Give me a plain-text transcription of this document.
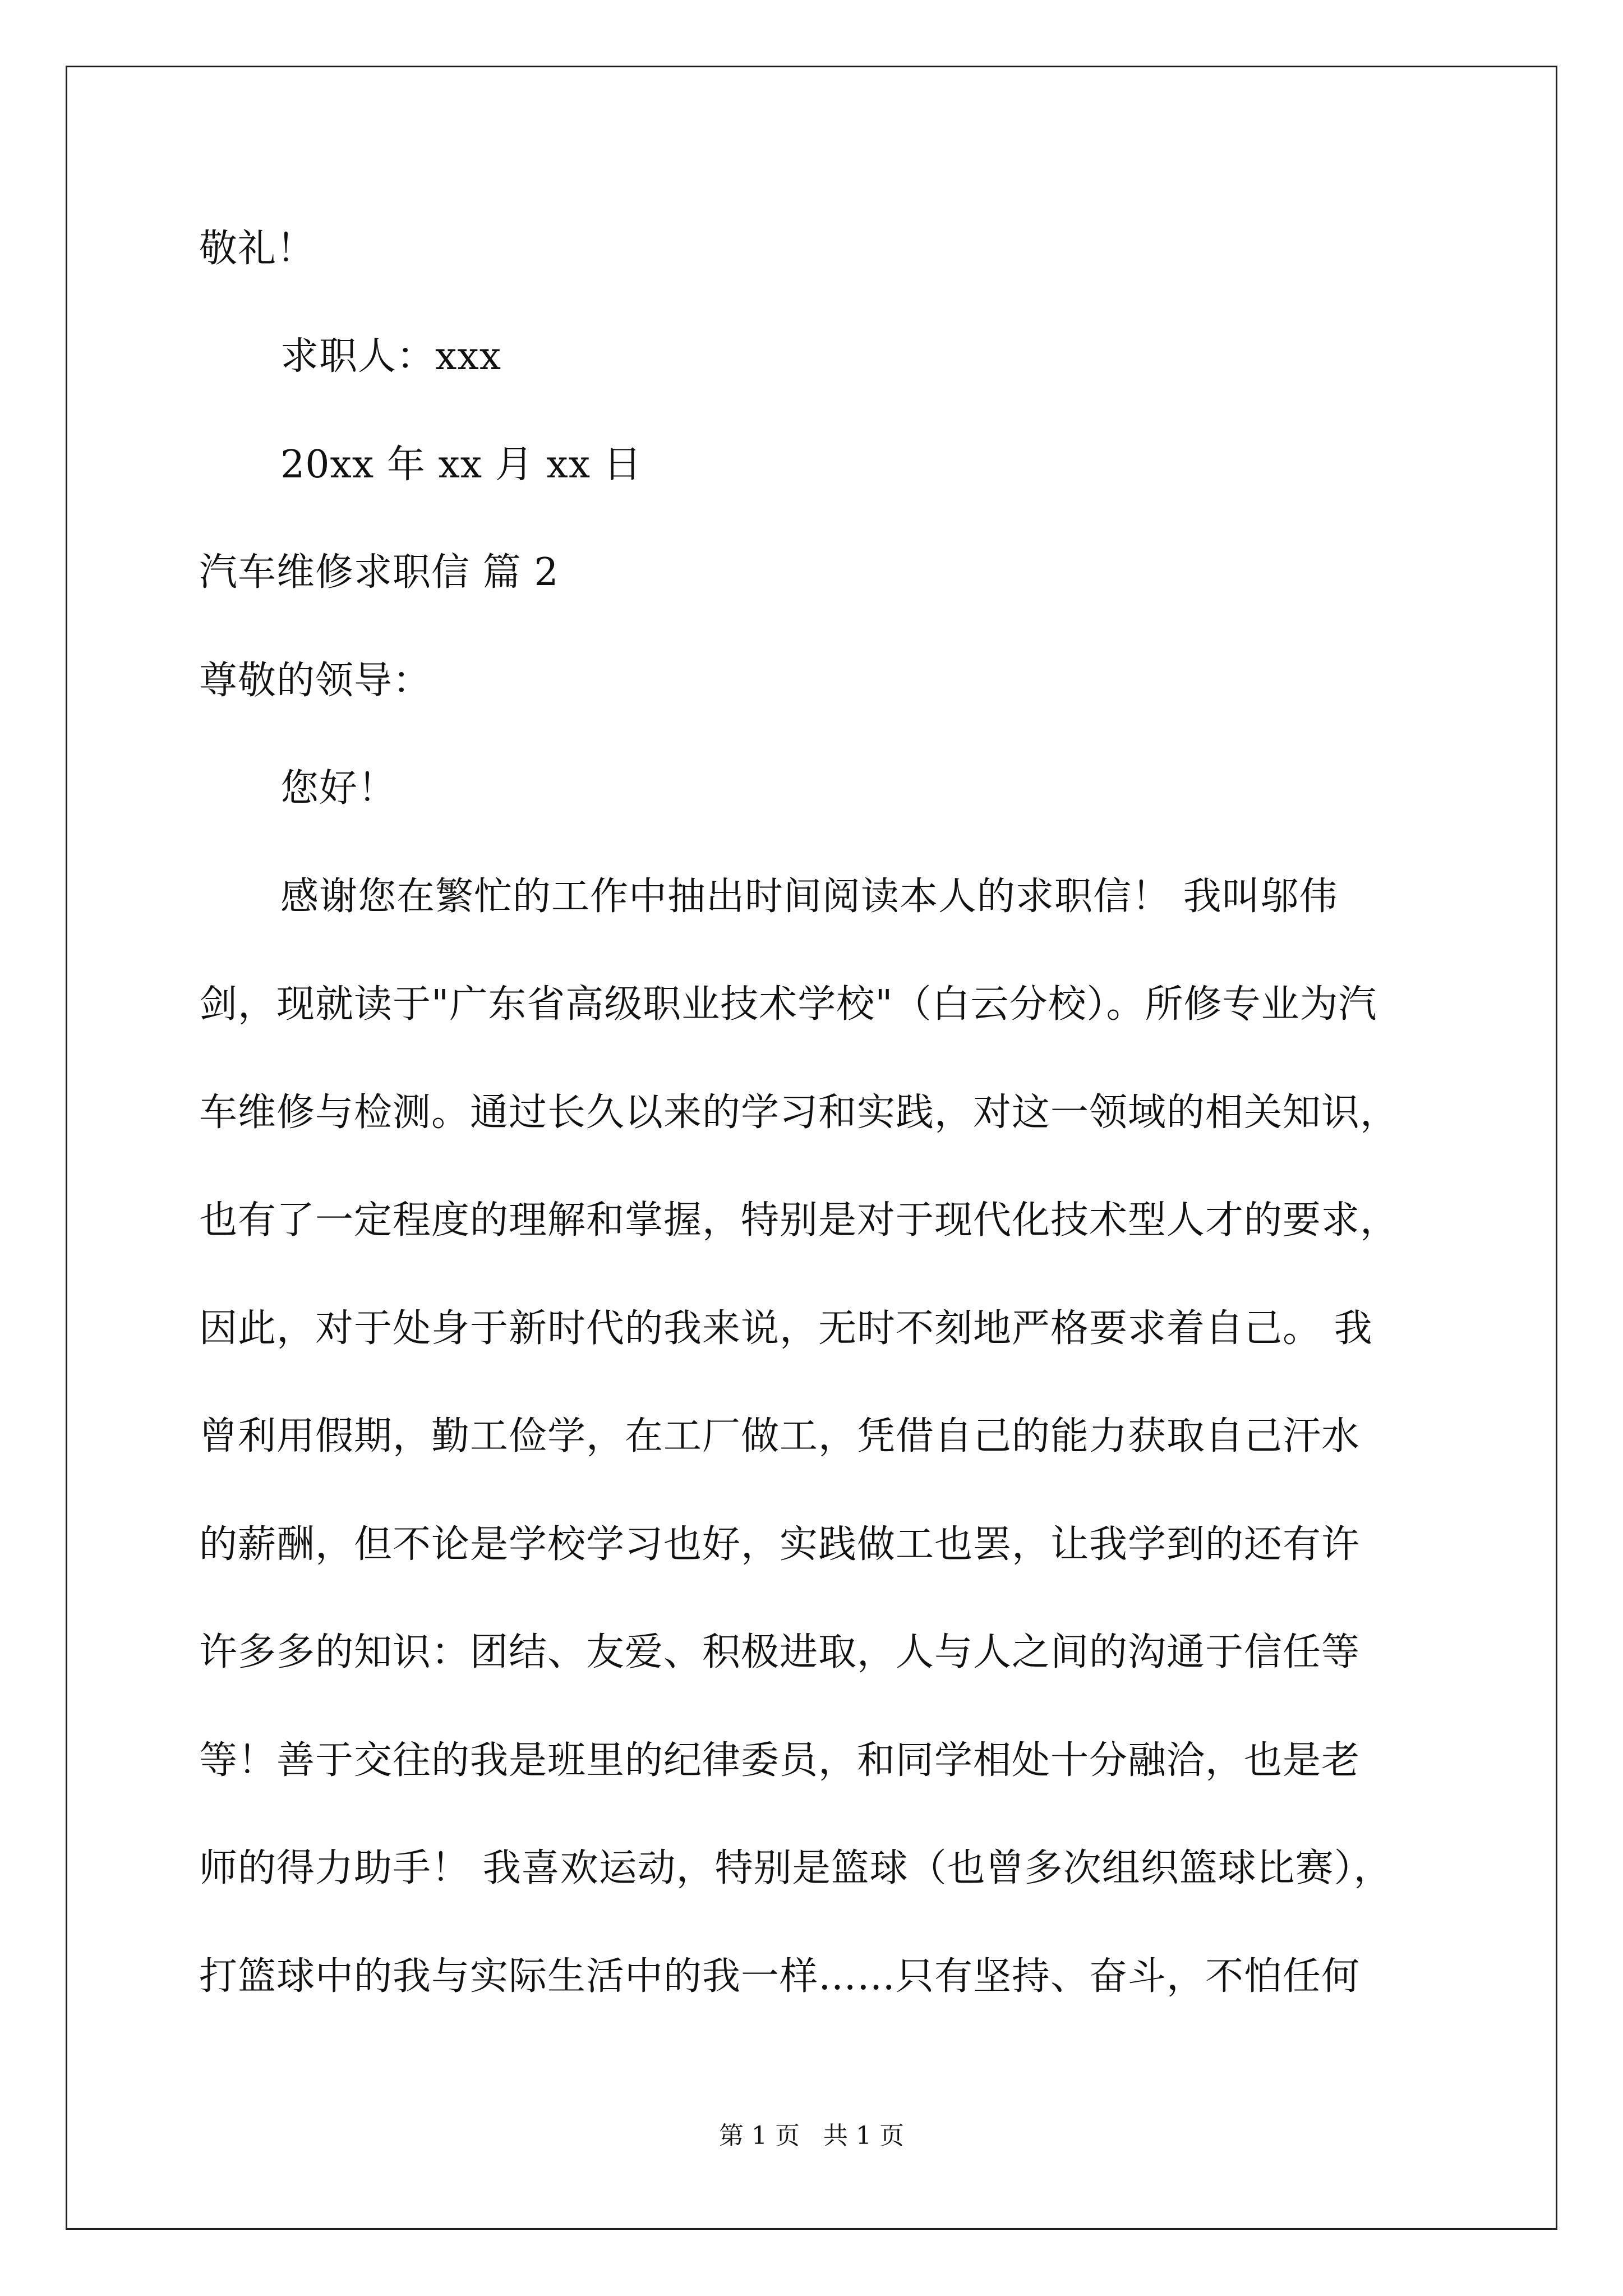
敬礼！
求职人：xxx
20xx 年 xx 月 xx 日
汽车维修求职信 篇 2
尊敬的领导：
您好！
感谢您在繁忙的工作中抽出时间阅读本人的求职信！ 我叫邬伟
剑，现就读于"广东省高级职业技术学校"（白云分校）。所修专业为汽
车维修与检测。通过长久以来的学习和实践，对这一领域的相关知识，
也有了一定程度的理解和掌握，特别是对于现代化技术型人才的要求，
因此，对于处身于新时代的我来说，无时不刻地严格要求着自己。 我
曾利用假期，勤工俭学，在工厂做工，凭借自己的能力获取自己汗水
的薪酬，但不论是学校学习也好，实践做工也罢，让我学到的还有许
许多多的知识：团结、友爱、积极进取，人与人之间的沟通于信任等
等！善于交往的我是班里的纪律委员，和同学相处十分融洽，也是老
师的得力助手！ 我喜欢运动，特别是篮球（也曾多次组织篮球比赛），
打篮球中的我与实际生活中的我一样……只有坚持、奋斗，不怕任何
第 1 页   共 1 页
